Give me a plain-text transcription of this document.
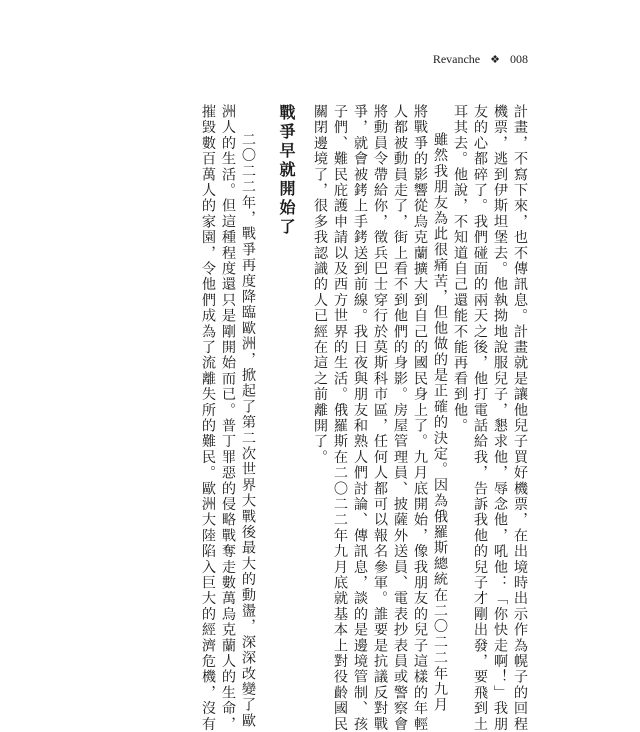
Revanche ❖ 008
計畫，不寫下來，也不傳訊息。計畫就是讓他兒子買好機票，在出境時出示作為幌子的回程
機票，逃到伊斯坦堡去。他執拗地說服兒子，懇求他，辱念他，吼他：「你快走啊！」我朋
友的心都碎了。我們碰面的兩天之後，他打電話給我，告訴我他的兒子才剛出發，要飛到土
耳其去。他說，不知道自己還能不能再看到他。
雖然我朋友為此很痛苦，但他做的是正確的決定。因為俄羅斯總統在二〇二二年九月
將戰爭的影響從烏克蘭擴大到自己的國民身上了。九月底開始，像我朋友的兒子這樣的年輕
人都被動員走了，街上看不到他們的身影。房屋管理員、披薩外送員、電表抄表員或警察會
將動員令帶給你，徵兵巴士穿行於莫斯科市區，任何人都可以報名參軍。誰要是抗議反對戰
爭，就會被銬上手銬送到前線。我日夜與朋友和熟人們討論、傳訊息，談的是邊境管制、孩
子們、難民庇護申請以及西方世界的生活。俄羅斯在二〇二二年九月底就基本上對役齡國民
關閉邊境了，很多我認識的人已經在這之前離開了。
戰爭早就開始了
二〇二二年，戰爭再度降臨歐洲，掀起了第二次世界大戰後最大的動盪，深深改變了歐
洲人的生活。但這種程度還只是剛開始而已。普丁罪惡的侵略戰奪走數萬烏克蘭人的生命，
摧毀數百萬人的家園，令他們成為了流離失所的難民。歐洲大陸陷入巨大的經濟危機，沒有
